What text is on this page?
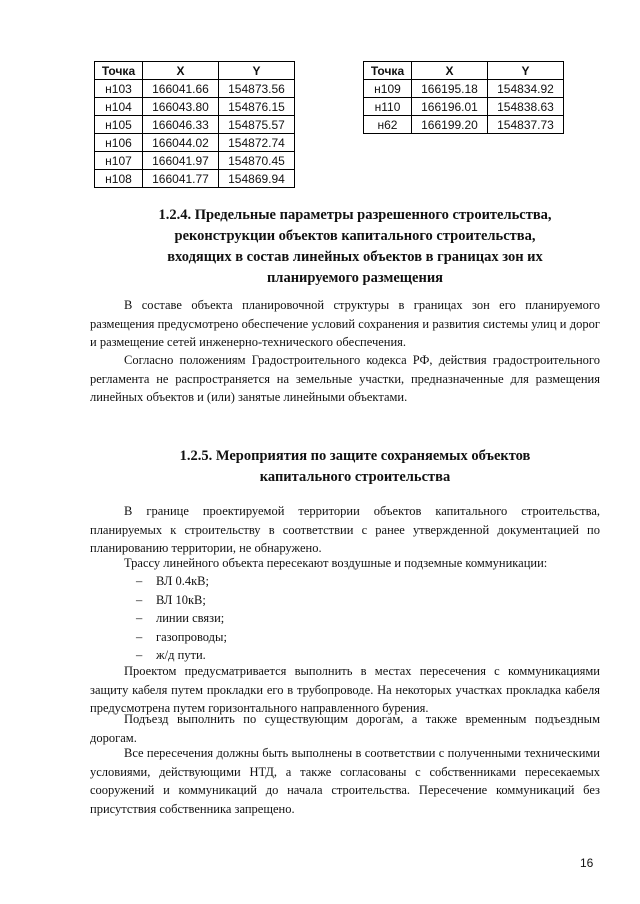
Точка	X	Y
н103	166041.66	154873.56
н104	166043.80	154876.15
н105	166046.33	154875.57
н106	166044.02	154872.74
н107	166041.97	154870.45
н108	166041.77	154869.94
Точка	X	Y
н109	166195.18	154834.92
н110	166196.01	154838.63
н62	166199.20	154837.73
1.2.4. Предельные параметры разрешенного строительства,
реконструкции объектов капитального строительства,
входящих в состав линейных объектов в границах зон их
планируемого размещения

В составе объекта планировочной структуры в границах зон его планируемого размещения предусмотрено обеспечение условий сохранения и развития системы улиц и дорог и размещение сетей инженерно-технического обеспечения.

Согласно положениям Градостроительного кодекса РФ, действия градостроительного регламента не распространяется на земельные участки, предназначенные для размещения линейных объектов и (или) занятые линейными объектами.

1.2.5. Мероприятия по защите сохраняемых объектов
капитального строительства

В границе проектируемой территории объектов капитального строительства, планируемых к строительству в соответствии с ранее утвержденной документацией по планированию территории, не обнаружено.

Трассу линейного объекта пересекают воздушные и подземные коммуникации:

– ВЛ 0.4кВ;
– ВЛ 10кВ;
– линии связи;
– газопроводы;
– ж/д пути.

Проектом предусматривается выполнить в местах пересечения с коммуникациями защиту кабеля путем прокладки его в трубопроводе. На некоторых участках прокладка кабеля предусмотрена путем горизонтального направленного бурения.

Подъезд выполнить по существующим дорогам, а также временным подъездным дорогам.

Все пересечения должны быть выполнены в соответствии с полученными техническими условиями, действующими НТД, а также согласованы с собственниками пересекаемых сооружений и коммуникаций до начала строительства. Пересечение коммуникаций без присутствия собственника запрещено.

16
